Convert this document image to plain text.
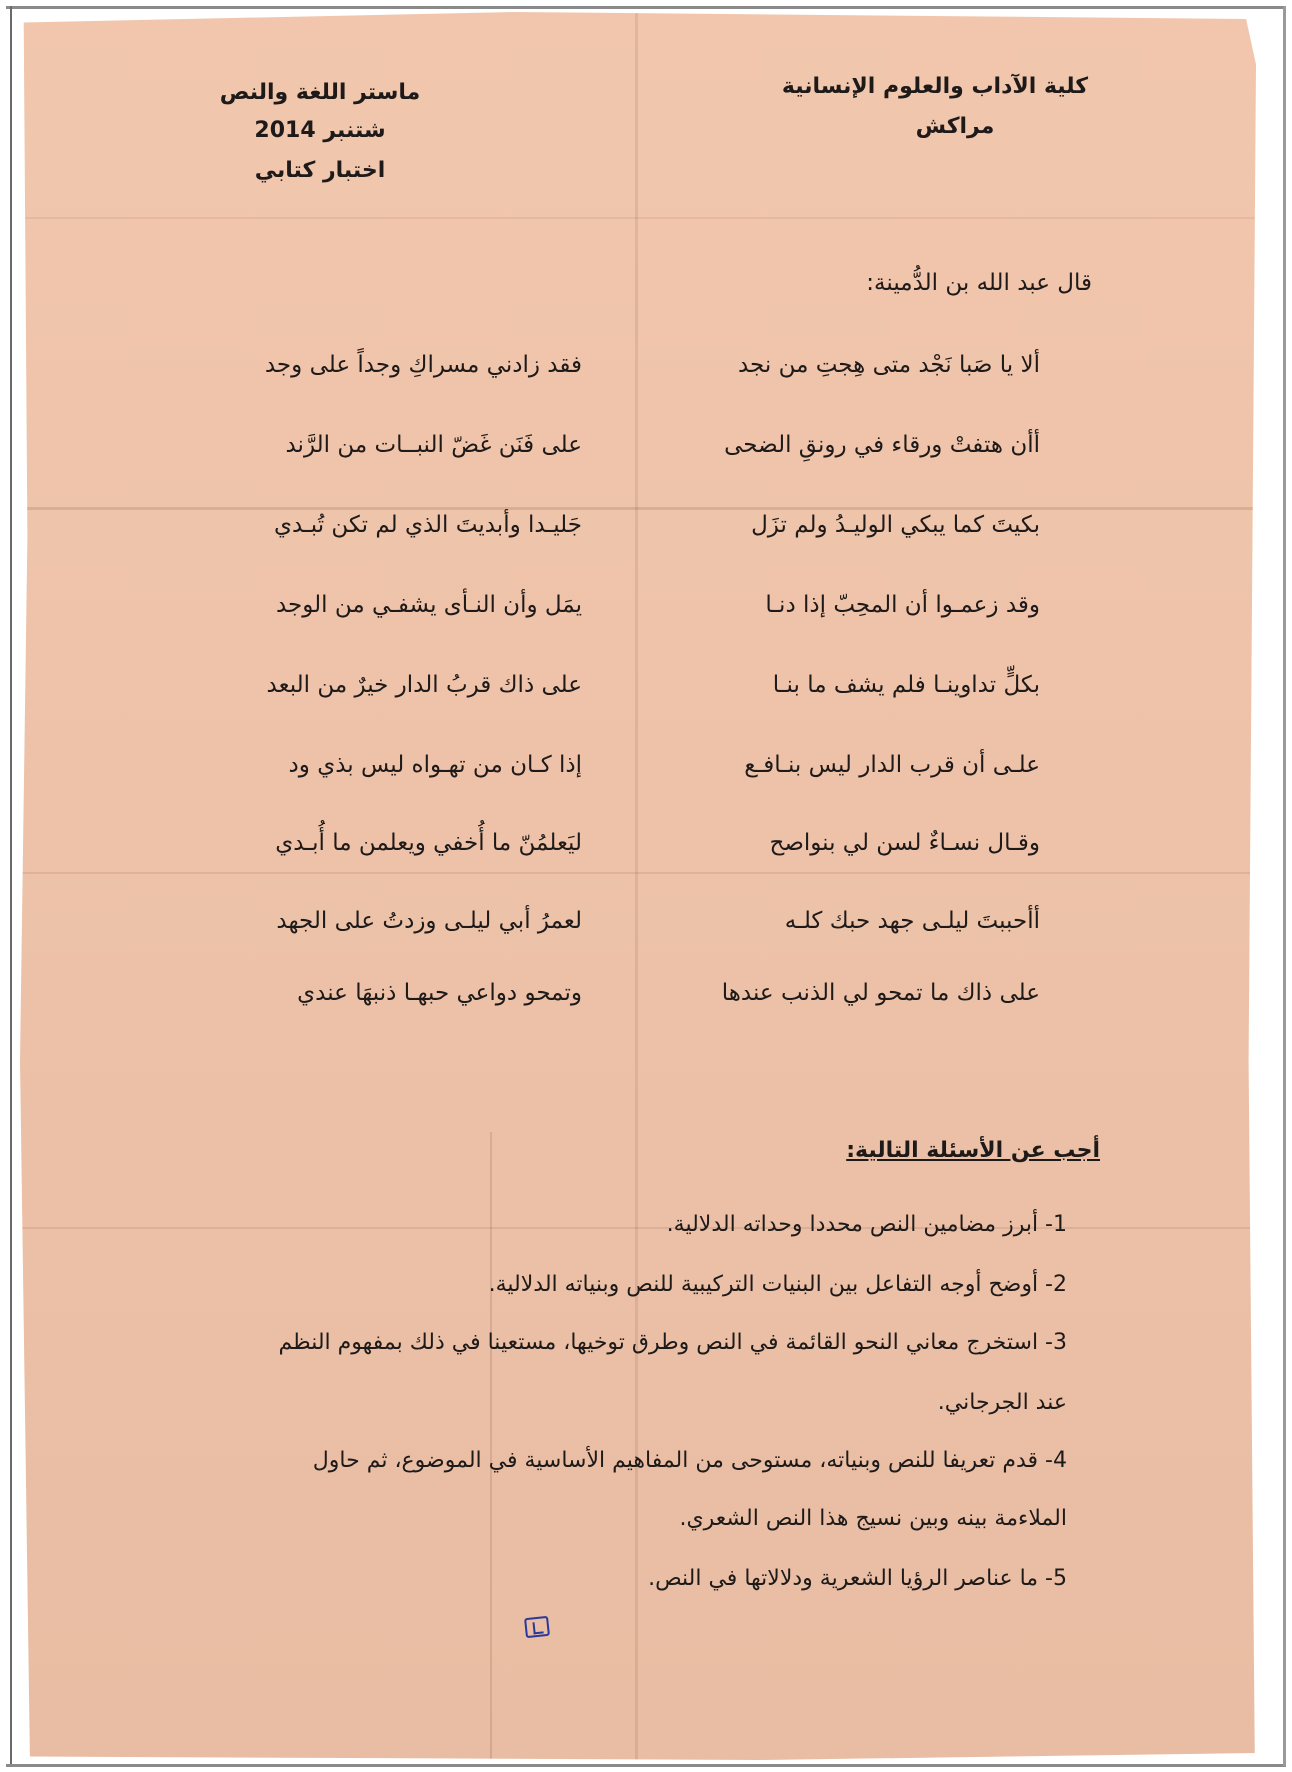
كلية الآداب والعلوم الإنسانية
مراكش
ماستر اللغة والنص
شتنبر 2014
اختبار كتابي
قال عبد الله بن الدُّمينة:
ألا يا صَبا نَجْد متى هِجتِ من نجد
أأن هتفتْ ورقاء في رونقِ الضحى
بكيتَ كما يبكي الوليـدُ ولم تزَل
وقد زعمـوا أن المحِبّ إذا دنـا
بكلٍّ تداوينـا فلم يشف ما بنـا
علـى أن قرب الدار ليس بنـافـع
وقـال نسـاءٌ لسن لي بنواصح
أأحببتَ ليلـى جهد حبك كلـه
على ذاك ما تمحو لي الذنب عندها
فقد زادني مسراكِ وجداً على وجد
على فَنَن غَضّ النبــات من الرَّند
جَليـدا وأبديتَ الذي لم تكن تُبـدي
يمَل وأن النـأى يشفـي من الوجد
على ذاك قربُ الدار خيرٌ من البعد
إذا كـان من تهـواه ليس بذي ود
ليَعلمُنّ ما أُخفي ويعلمن ما أُبـدي
لعمرُ أبي ليلـى وزدتُ على الجهد
وتمحو دواعي حبهـا ذنبهَا عندي
أجب عن الأسئلة التالية:
1- أبرز مضامين النص محددا وحداته الدلالية.
2- أوضح أوجه التفاعل بين البنيات التركيبية للنص وبنياته الدلالية.
3- استخرج معاني النحو القائمة في النص وطرق توخيها، مستعينا في ذلك بمفهوم النظم
عند الجرجاني.
4- قدم تعريفا للنص وبنياته، مستوحى من المفاهيم الأساسية في الموضوع، ثم حاول
الملاءمة بينه وبين نسيج هذا النص الشعري.
5- ما عناصر الرؤيا الشعرية ودلالاتها في النص.
